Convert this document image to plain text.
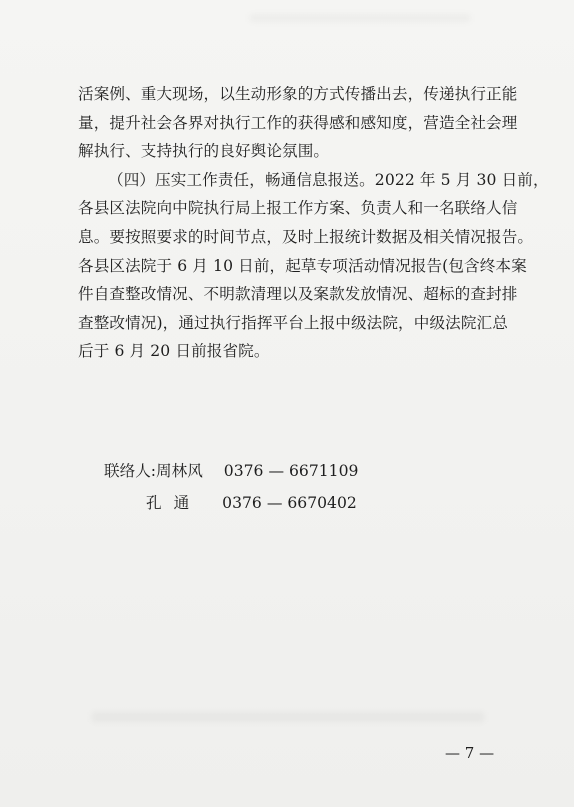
活案例、重大现场，以生动形象的方式传播出去，传递执行正能
量，提升社会各界对执行工作的获得感和感知度，营造全社会理
解执行、支持执行的良好舆论氛围。
（四）压实工作责任，畅通信息报送。2022 年 5 月 30 日前，
各县区法院向中院执行局上报工作方案、负责人和一名联络人信
息。要按照要求的时间节点，及时上报统计数据及相关情况报告。
各县区法院于 6 月 10 日前，起草专项活动情况报告(包含终本案
件自查整改情况、不明款清理以及案款发放情况、超标的查封排
查整改情况)，通过执行指挥平台上报中级法院，中级法院汇总
后于 6 月 20 日前报省院。
联络人:周林风 0376 — 6671109
孔通 0376 — 6670402
— 7 —
